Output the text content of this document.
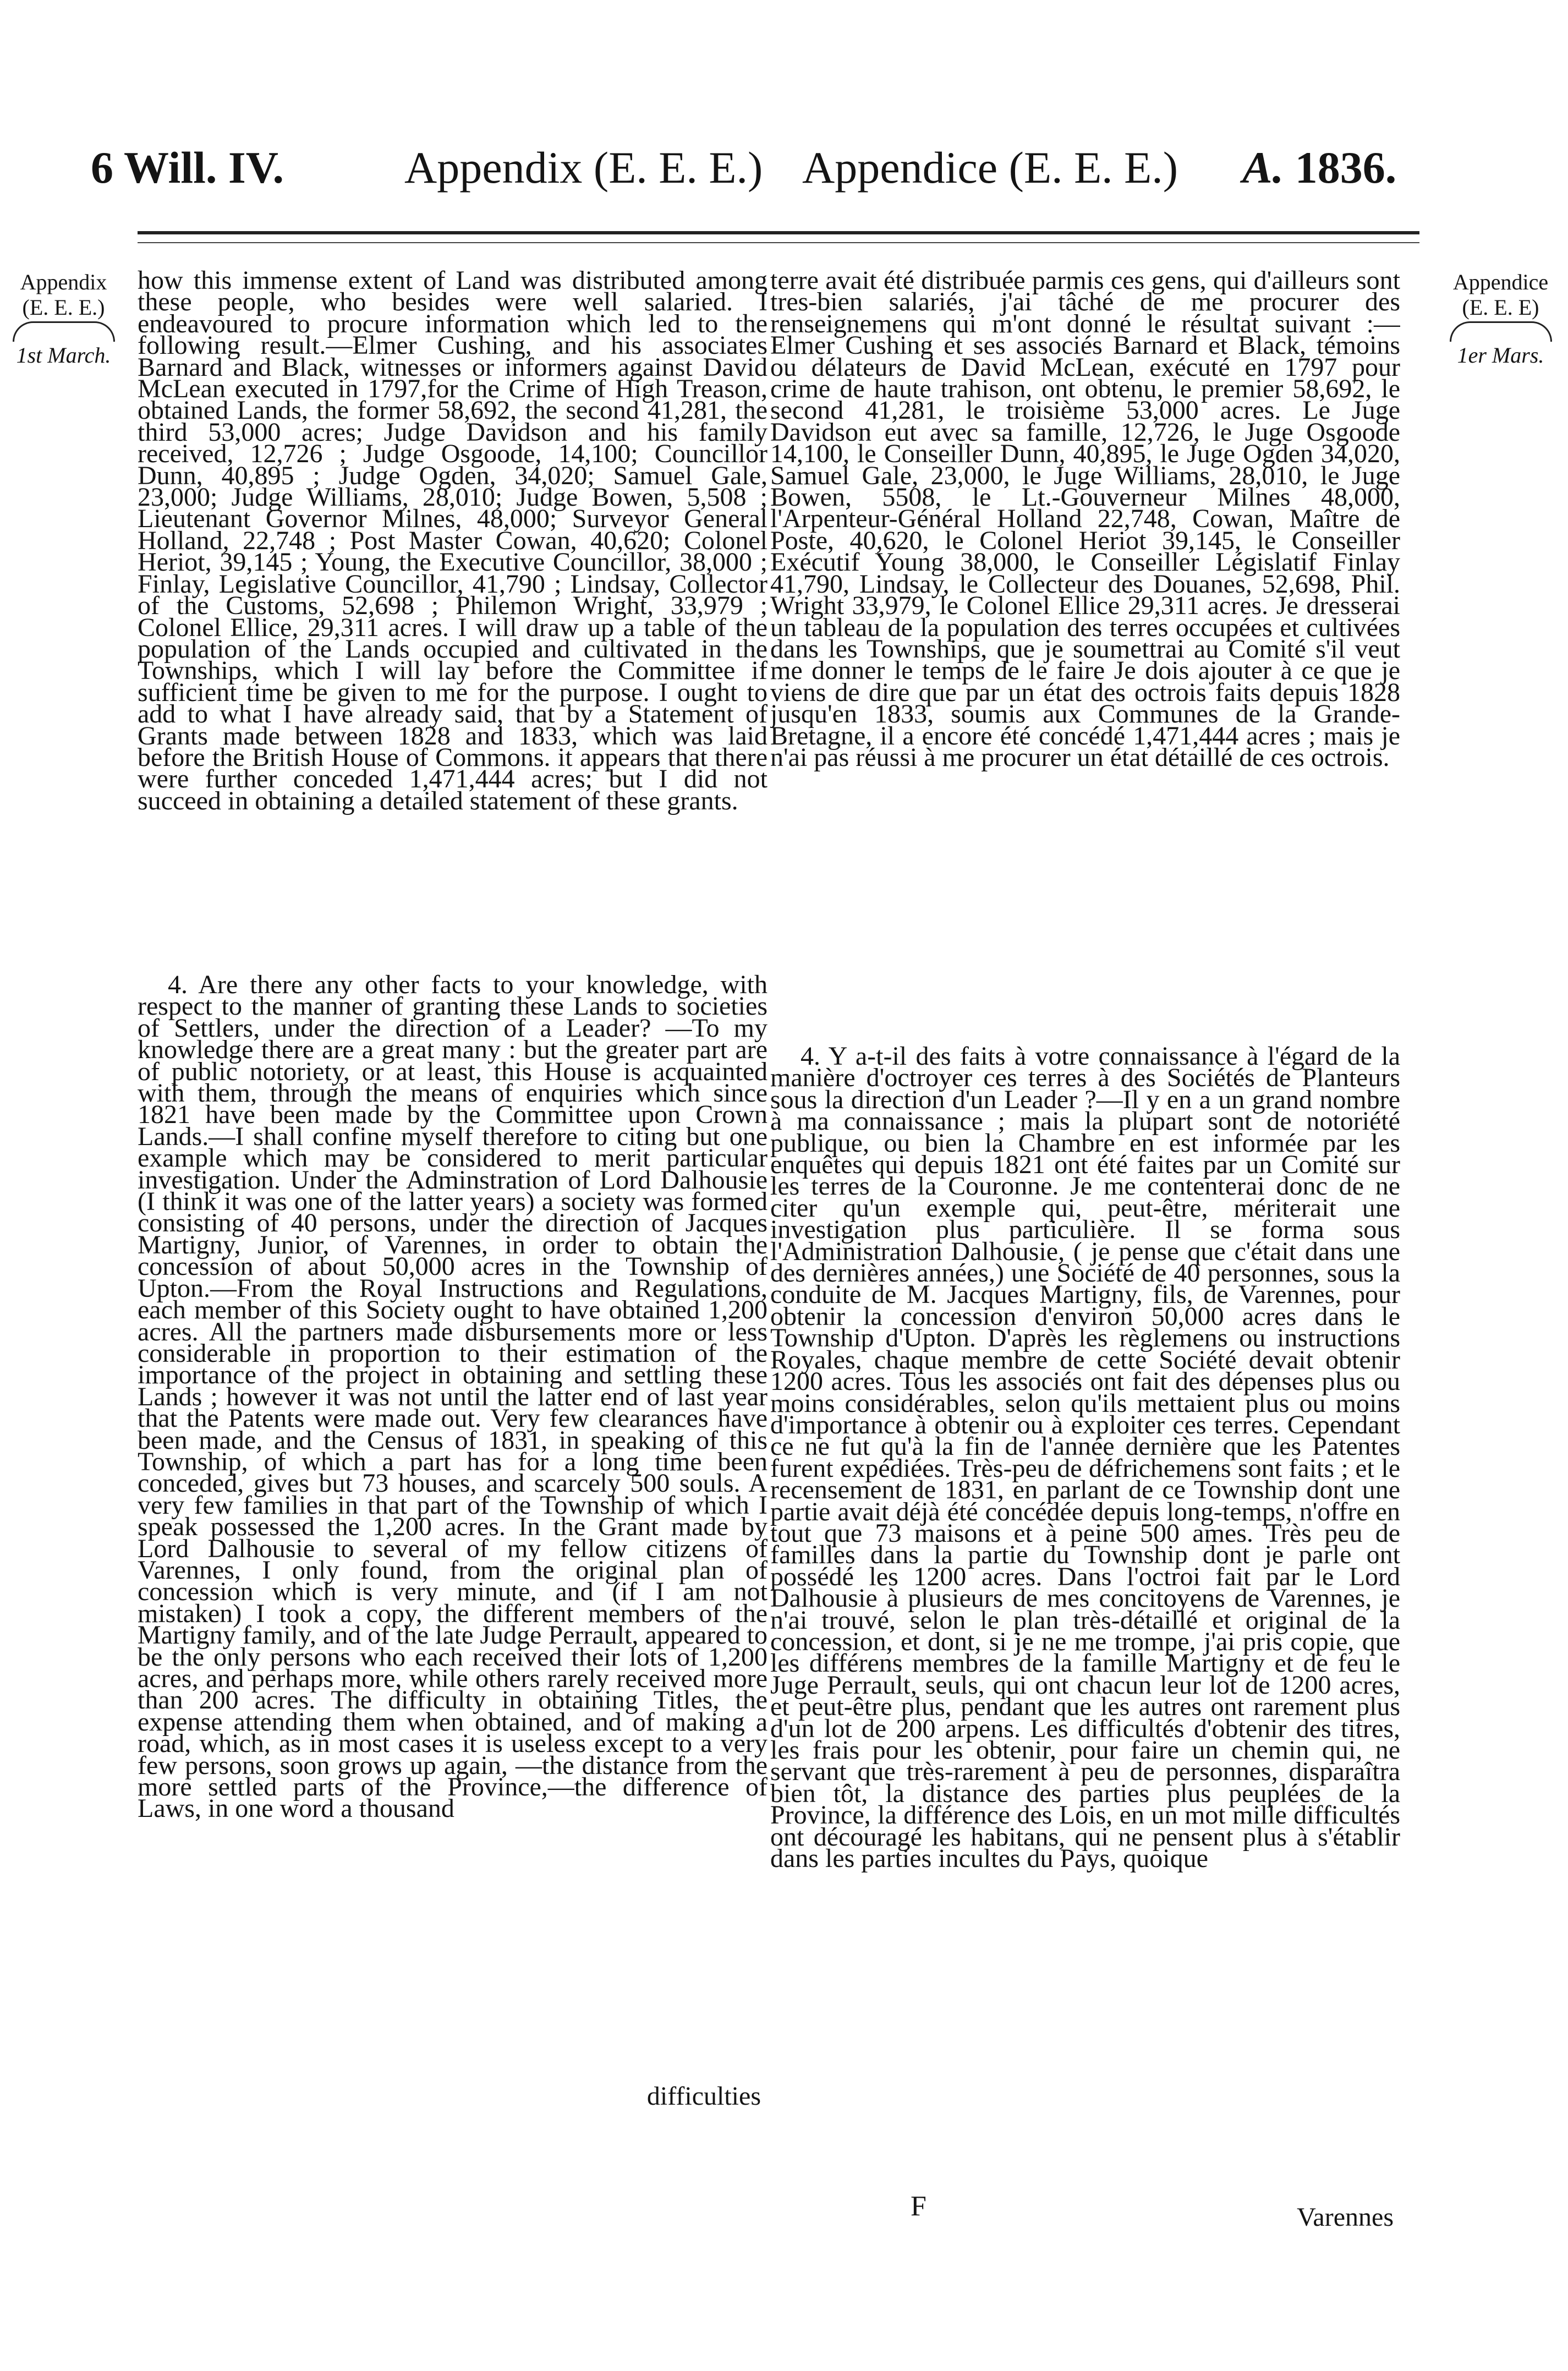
6 Will. IV.	Appendix (E. E. E.) Appendice (E. E. E.) A. 1836.
Appendix
(E. E. E.)
1st March.
Appendice
(E. E. E)
1er Mars.

how this immense extent of Land was distributed among these people, who besides were well salaried. I endeavoured to procure information which led to the following result.—Elmer Cushing, and his associates Barnard and Black, witnesses or informers against David McLean executed in 1797,for the Crime of High Treason, obtained Lands, the former 58,692, the second 41,281, the third 53,000 acres; Judge Davidson and his family received, 12,726 ; Judge Osgoode, 14,100; Councillor Dunn, 40,895 ; Judge Ogden, 34,020; Samuel Gale, 23,000; Judge Williams, 28,010; Judge Bowen, 5,508 ; Lieutenant Governor Milnes, 48,000; Surveyor General Holland, 22,748 ; Post Master Cowan, 40,620; Colonel Heriot, 39,145 ; Young, the Executive Councillor, 38,000 ; Finlay, Legislative Councillor, 41,790 ; Lindsay, Collector of the Customs, 52,698 ; Philemon Wright, 33,979 ; Colonel Ellice, 29,311 acres. I will draw up a table of the population of the Lands occupied and cultivated in the Townships, which I will lay before the Committee if sufficient time be given to me for the purpose. I ought to add to what I have already said, that by a Statement of Grants made between 1828 and 1833, which was laid before the British House of Commons. it appears that there were further conceded 1,471,444 acres; but I did not succeed in obtaining a detailed statement of these grants.

4. Are there any other facts to your knowledge, with respect to the manner of granting these Lands to societies of Settlers, under the direction of a Leader? —To my knowledge there are a great many : but the greater part are of public notoriety, or at least, this House is acquainted with them, through the means of enquiries which since 1821 have been made by the Committee upon Crown Lands.—I shall confine myself therefore to citing but one example which may be considered to merit particular investigation. Under the Adminstration of Lord Dalhousie (I think it was one of the latter years) a society was formed consisting of 40 persons, under the direction of Jacques Martigny, Junior, of Varennes, in order to obtain the concession of about 50,000 acres in the Township of Upton.—From the Royal Instructions and Regulations, each member of this Society ought to have obtained 1,200 acres. All the partners made disbursements more or less considerable in proportion to their estimation of the importance of the project in obtaining and settling these Lands ; however it was not until the latter end of last year that the Patents were made out. Very few clearances have been made, and the Census of 1831, in speaking of this Township, of which a part has for a long time been conceded, gives but 73 houses, and scarcely 500 souls. A very few families in that part of the Township of which I speak possessed the 1,200 acres. In the Grant made by Lord Dalhousie to several of my fellow citizens of Varennes, I only found, from the original plan of concession which is very minute, and (if I am not mistaken) I took a copy, the different members of the Martigny family, and of the late Judge Perrault, appeared to be the only persons who each received their lots of 1,200 acres, and perhaps more, while others rarely received more than 200 acres. The difficulty in obtaining Titles, the expense attending them when obtained, and of making a road, which, as in most cases it is useless except to a very few persons, soon grows up again, —the distance from the more settled parts of the Province,—the difference of Laws, in one word a thousand

difficulties

terre avait été distribuée parmis ces gens, qui d'ailleurs sont tres-bien salariés, j'ai tâché de me procurer des renseignemens qui m'ont donné le résultat suivant :—Elmer Cushing et ses associés Barnard et Black, témoins ou délateurs de David McLean, exécuté en 1797 pour crime de haute trahison, ont obtenu, le premier 58,692, le second 41,281, le troisième 53,000 acres. Le Juge Davidson eut avec sa famille, 12,726, le Juge Osgoode 14,100, le Conseiller Dunn, 40,895, le Juge Ogden 34,020, Samuel Gale, 23,000, le Juge Williams, 28,010, le Juge Bowen, 5508, le Lt.-Gouverneur Milnes 48,000, l'Arpenteur-Général Holland 22,748, Cowan, Maître de Poste, 40,620, le Colonel Heriot 39,145, le Conseiller Exécutif Young 38,000, le Conseiller Législatif Finlay 41,790, Lindsay, le Collecteur des Douanes, 52,698, Phil. Wright 33,979, le Colonel Ellice 29,311 acres. Je dresserai un tableau de la population des terres occupées et cultivées dans les Townships, que je soumettrai au Comité s'il veut me donner le temps de le faire Je dois ajouter à ce que je viens de dire que par un état des octrois faits depuis 1828 jusqu'en 1833, soumis aux Communes de la Grande-Bretagne, il a encore été concédé 1,471,444 acres ; mais je n'ai pas réussi à me procurer un état détaillé de ces octrois.

4. Y a-t-il des faits à votre connaissance à l'égard de la manière d'octroyer ces terres à des Sociétés de Planteurs sous la direction d'un Leader ?—Il y en a un grand nombre à ma connaissance ; mais la plupart sont de notoriété publique, ou bien la Chambre en est informée par les enquêtes qui depuis 1821 ont été faites par un Comité sur les terres de la Couronne. Je me contenterai donc de ne citer qu'un exemple qui, peut-être, mériterait une investigation plus particulière. Il se forma sous l'Administration Dalhousie, ( je pense que c'était dans une des dernières années,) une Société de 40 personnes, sous la conduite de M. Jacques Martigny, fils, de Varennes, pour obtenir la concession d'environ 50,000 acres dans le Township d'Upton. D'après les règlemens ou instructions Royales, chaque membre de cette Société devait obtenir 1200 acres. Tous les associés ont fait des dépenses plus ou moins considérables, selon qu'ils mettaient plus ou moins d'importance à obtenir ou à exploiter ces terres. Cependant ce ne fut qu'à la fin de l'année dernière que les Patentes furent expédiées. Très-peu de défrichemens sont faits ; et le recensement de 1831, en parlant de ce Township dont une partie avait déjà été concédée depuis long-temps, n'offre en tout que 73 maisons et à peine 500 ames. Très peu de familles dans la partie du Township dont je parle ont possédé les 1200 acres. Dans l'octroi fait par le Lord Dalhousie à plusieurs de mes concitoyens de Varennes, je n'ai trouvé, selon le plan très-détaillé et original de la concession, et dont, si je ne me trompe, j'ai pris copie, que les différens membres de la famille Martigny et de feu le Juge Perrault, seuls, qui ont chacun leur lot de 1200 acres, et peut-être plus, pendant que les autres ont rarement plus d'un lot de 200 arpens. Les difficultés d'obtenir des titres, les frais pour les obtenir, pour faire un chemin qui, ne servant que très-rarement à peu de personnes, disparaîtra bien tôt, la distance des parties plus peuplées de la Province, la différence des Lois, en un mot mille difficultés ont découragé les habitans, qui ne pensent plus à s'établir dans les parties incultes du Pays, quoique

Varennes

F
